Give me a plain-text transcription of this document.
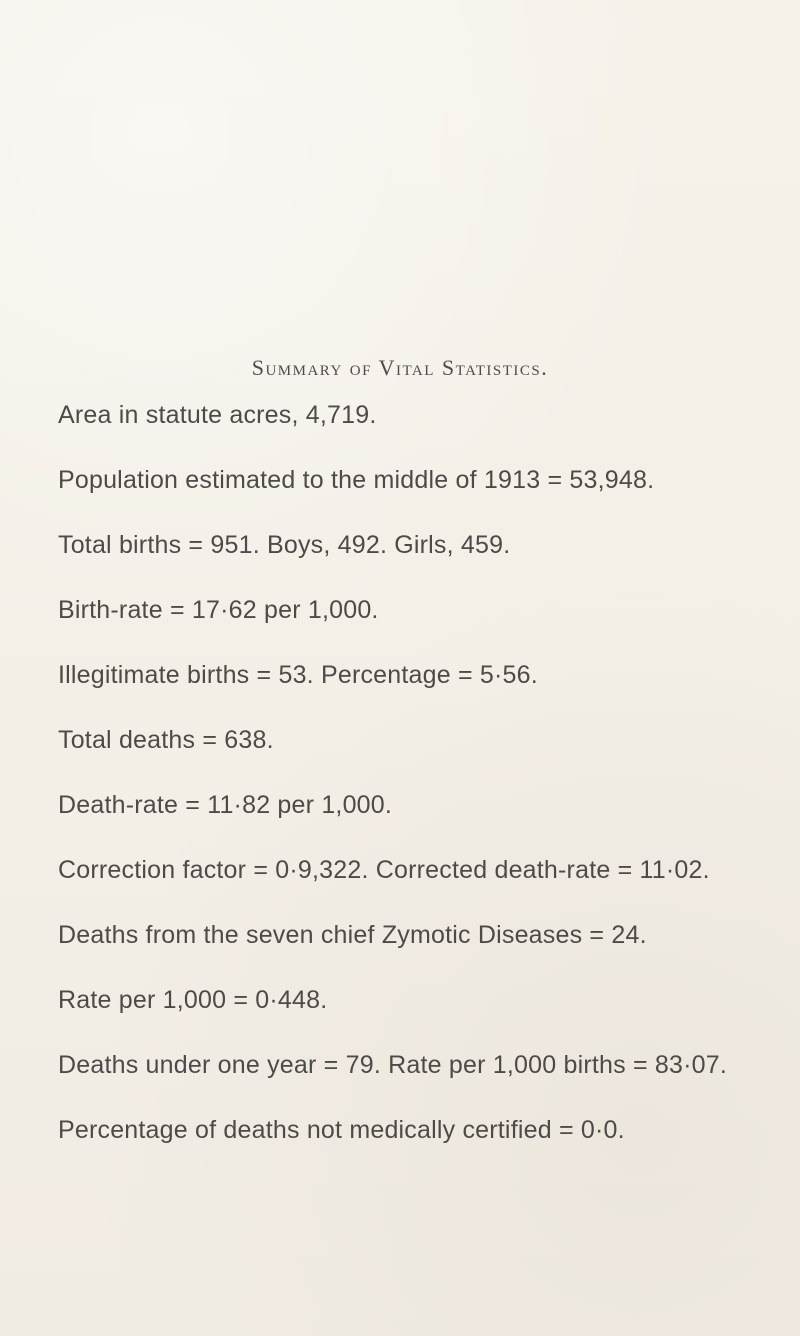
Summary of Vital Statistics.
Area in statute acres, 4,719.
Population estimated to the middle of 1913 = 53,948.
Total births = 951. Boys, 492. Girls, 459.
Birth-rate = 17·62 per 1,000.
Illegitimate births = 53. Percentage = 5·56.
Total deaths = 638.
Death-rate = 11·82 per 1,000.
Correction factor = 0·9,322. Corrected death-rate = 11·02.
Deaths from the seven chief Zymotic Diseases = 24.
Rate per 1,000 = 0·448.
Deaths under one year = 79. Rate per 1,000 births = 83·07.
Percentage of deaths not medically certified = 0·0.
